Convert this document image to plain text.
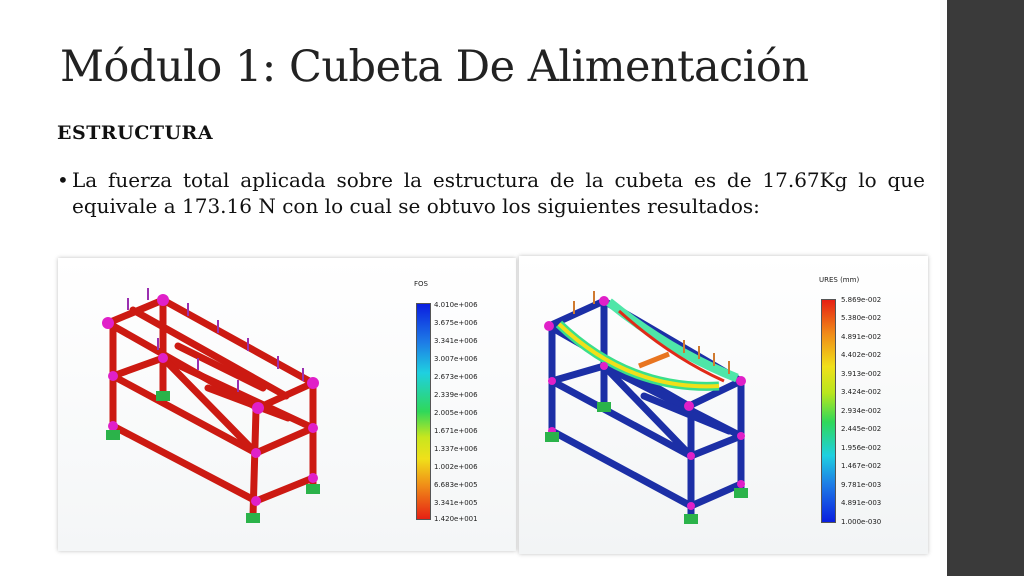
Módulo 1: Cubeta De Alimentación
ESTRUCTURA
• La fuerza total aplicada sobre la estructura de la cubeta es de 17.67Kg lo que equivale a 173.16 N con lo cual se obtuvo los siguientes resultados:
FOS
4.010e+006
3.675e+006
3.341e+006
3.007e+006
2.673e+006
2.339e+006
2.005e+006
1.671e+006
1.337e+006
1.002e+006
6.683e+005
3.341e+005
1.420e+001
URES (mm)
5.869e-002
5.380e-002
4.891e-002
4.402e-002
3.913e-002
3.424e-002
2.934e-002
2.445e-002
1.956e-002
1.467e-002
9.781e-003
4.891e-003
1.000e-030
